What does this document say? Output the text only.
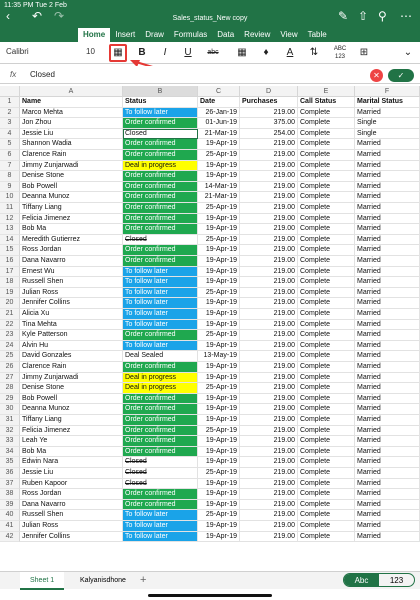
11:35 PM Tue 2 Feb
‹ ↶ ↷	Sales_status_New copy	✎ ⇧ ⚲ ⋯
Home	Insert	Draw	Formulas	Data	Review	View	Table
Calibri	10	▦	B	I	U	abc	▦	♦	A	⇅	ABC 123	⊞	⌄
fx Closed	✕	✓
A	B	C	D	E	F
1	Name	Status	Date	Purchases	Call Status	Marital Status
2	Marco Mehta	To follow later	26-Jan-19	219.00 Complete	Married
3	Jon Zhou	Order confirmed	01-Jun-19	375.00 Complete	Single
4	Jessie Liu	Closed	21-Mar-19	254.00 Complete	Single
5	Shannon Wadia	Order confirmed	19-Apr-19	219.00 Complete	Married
6	Clarence Rain	Order confirmed	25-Apr-19	219.00 Complete	Married
7	Jimmy Zunjarwadi	Deal in progress	19-Apr-19	219.00 Complete	Married
8	Denise Stone	Order confirmed	19-Apr-19	219.00 Complete	Married
9	Bob Powell	Order confirmed	14-Mar-19	219.00 Complete	Married
10	Deanna Munoz	Order confirmed	21-Mar-19	219.00 Complete	Married
11	Tiffany Liang	Order confirmed	25-Apr-19	219.00 Complete	Married
12	Felicia Jimenez	Order confirmed	19-Apr-19	219.00 Complete	Married
13	Bob Ma	Order confirmed	19-Apr-19	219.00 Complete	Married
14	Meredith Gutierrez	Closed	25-Apr-19	219.00 Complete	Married
15	Ross Jordan	Order confirmed	19-Apr-19	219.00 Complete	Married
16	Dana Navarro	Order confirmed	19-Apr-19	219.00 Complete	Married
17	Ernest Wu	To follow later	19-Apr-19	219.00 Complete	Married
18	Russell Shen	To follow later	19-Apr-19	219.00 Complete	Married
19	Julian Ross	To follow later	25-Apr-19	219.00 Complete	Married
20	Jennifer Collins	To follow later	19-Apr-19	219.00 Complete	Married
21	Alicia Xu	To follow later	19-Apr-19	219.00 Complete	Married
22	Tina Mehta	To follow later	19-Apr-19	219.00 Complete	Married
23	Kyle Patterson	Order confirmed	25-Apr-19	219.00 Complete	Married
24	Alvin Hu	To follow later	19-Apr-19	219.00 Complete	Married
25	David Gonzales	Deal Sealed	13-May-19	219.00 Complete	Married
26	Clarence Rain	Order confirmed	19-Apr-19	219.00 Complete	Married
27	Jimmy Zunjarwadi	Deal in progress	19-Apr-19	219.00 Complete	Married
28	Denise Stone	Deal in progress	25-Apr-19	219.00 Complete	Married
29	Bob Powell	Order confirmed	19-Apr-19	219.00 Complete	Married
30	Deanna Munoz	Order confirmed	19-Apr-19	219.00 Complete	Married
31	Tiffany Liang	Order confirmed	19-Apr-19	219.00 Complete	Married
32	Felicia Jimenez	Order confirmed	25-Apr-19	219.00 Complete	Married
33	Leah Ye	Order confirmed	19-Apr-19	219.00 Complete	Married
34	Bob Ma	Order confirmed	19-Apr-19	219.00 Complete	Married
35	Edwin Nara	Closed	19-Apr-19	219.00 Complete	Married
36	Jessie Liu	Closed	25-Apr-19	219.00 Complete	Married
37	Ruben Kapoor	Closed	19-Apr-19	219.00 Complete	Married
38	Ross Jordan	Order confirmed	19-Apr-19	219.00 Complete	Married
39	Dana Navarro	Order confirmed	19-Apr-19	219.00 Complete	Married
40	Russell Shen	To follow later	25-Apr-19	219.00 Complete	Married
41	Julian Ross	To follow later	19-Apr-19	219.00 Complete	Married
42	Jennifer Collins	To follow later	19-Apr-19	219.00 Complete	Married
Sheet 1	Kalyanisdhone	+	Abc	123
